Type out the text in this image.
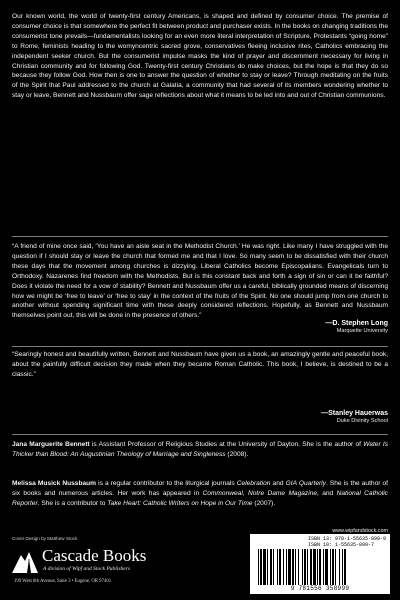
Our known world, the world of twenty-first century Americans, is shaped and defined by consumer choice. The premise of consumer choice is that somewhere the perfect fit between product and purchaser exists. In the books on changing traditions the consumerist tone prevails—fundamentalists looking for an even more literal interpretation of Scripture, Protestants “going home” to Rome, feminists heading to the womyncentric sacred grove, conservatives fleeing inclusive rites, Catholics embracing the independent seeker church. But the consumerist impulse masks the kind of prayer and discernment necessary for living in Christian community and for following God. Twenty-first century Christians do make choices, but the hope is that they do so because they follow God. How then is one to answer the question of whether to stay or leave? Through meditating on the fruits of the Spirit that Paul addressed to the church at Galatia, a community that had several of its members wondering whether to stay or leave, Bennett and Nussbaum offer sage reflections about what it means to be led into and out of Christian communions.

“A friend of mine once said, ‘You have an aisle seat in the Methodist Church.’ He was right. Like many I have struggled with the question if I should stay or leave the church that formed me and that I love. So many seem to be dissatisfied with their church these days that the movement among churches is dizzying. Liberal Catholics become Episcopalians. Evangelicals turn to Orthodoxy. Nazarenes find freedom with the Methodists. But is this constant back and forth a sign of sin or can it be faithful? Does it violate the need for a vow of stability? Bennett and Nussbaum offer us a careful, biblically grounded means of discerning how we might be ‘free to leave’ or ‘free to stay’ in the context of the fruits of the Spirit. No one should jump from one church to another without spending significant time with these deeply considered reflections. Hopefully, as Bennett and Nussbaum themselves point out, this will be done in the presence of others.”

—D. Stephen Long
Marquette University

“Searingly honest and beautifully written, Bennett and Nussbaum have given us a book, an amazingly gentle and peaceful book, about the painfully difficult decision they made when they became Roman Catholic. This book, I believe, is destined to be a classic.”

—Stanley Hauerwas
Duke Divinity School

Jana Marguerite Bennett is Assistant Professor of Religious Studies at the University of Dayton. She is the author of Water Is Thicker than Blood: An Augustinian Theology of Marriage and Singleness (2008).

Melissa Musick Nussbaum is a regular contributor to the liturgical journals Celebration and GIA Quarterly. She is the author of six books and numerous articles. Her work has appeared in Commonweal, Notre Dame Magazine, and National Catholic Reporter. She is a contributor to Take Heart: Catholic Writers on Hope in Our Time (2007).

www.wipfandstock.com
Cover Design by Matthew Stock
Cascade Books
A division of Wipf and Stock Publishers
199 West 8th Avenue, Suite 3 • Eugene, OR 97401
ISBN 13: 978-1-55635-899-9
ISBN 10: 1-55635-899-7
9 781556 358999
